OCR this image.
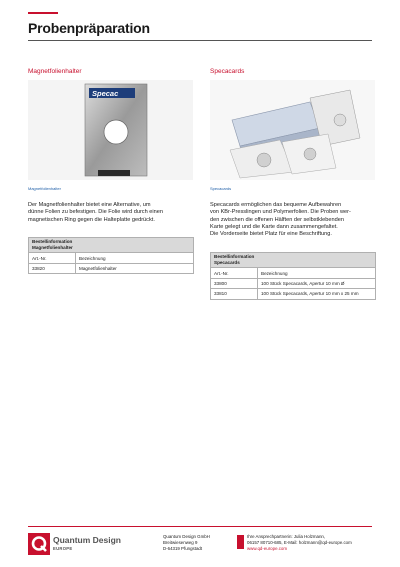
Probenpräparation
Magnetfolienhalter
Specac
Magnetfolienhalter
Der Magnetfolienhalter bietet eine Alternative, um
dünne Folien zu befestigen. Die Folie wird durch einen
magnetischen Ring gegen die Halteplatte gedrückt.
Bestellinformation
Magnetfolienhalter	

Art.-Nr.	Bezeichnung
33820	Magnetfolienhalter
Specacards
Specacards
Specacards ermöglichen das bequeme Aufbewahren
von KBr-Presslingen und Polymerfolien. Die Proben wer-
den zwischen die offenen Hälften der selbstklebenden
Karte gelegt und die Karte dann zusammengefaltet.
Die Vorderseite bietet Platz für eine Beschriftung.
Bestellinformation
Specacards	

Art.-Nr.	Bezeichnung
33800	100 Stück Specacards, Apertur 10 mm Ø
33810	100 Stück Specacards, Apertur 10 mm x 25 mm
Quantum Design
EUROPE
Quantum Design GmbH
Breitwiesenweg 9
D-64319 Pfungstadt
Ihre Ansprechpartnerin: Julia Holzmann,
06157 80710-685, E-Mail: holzmann@qd-europe.com
www.qd-europe.com
